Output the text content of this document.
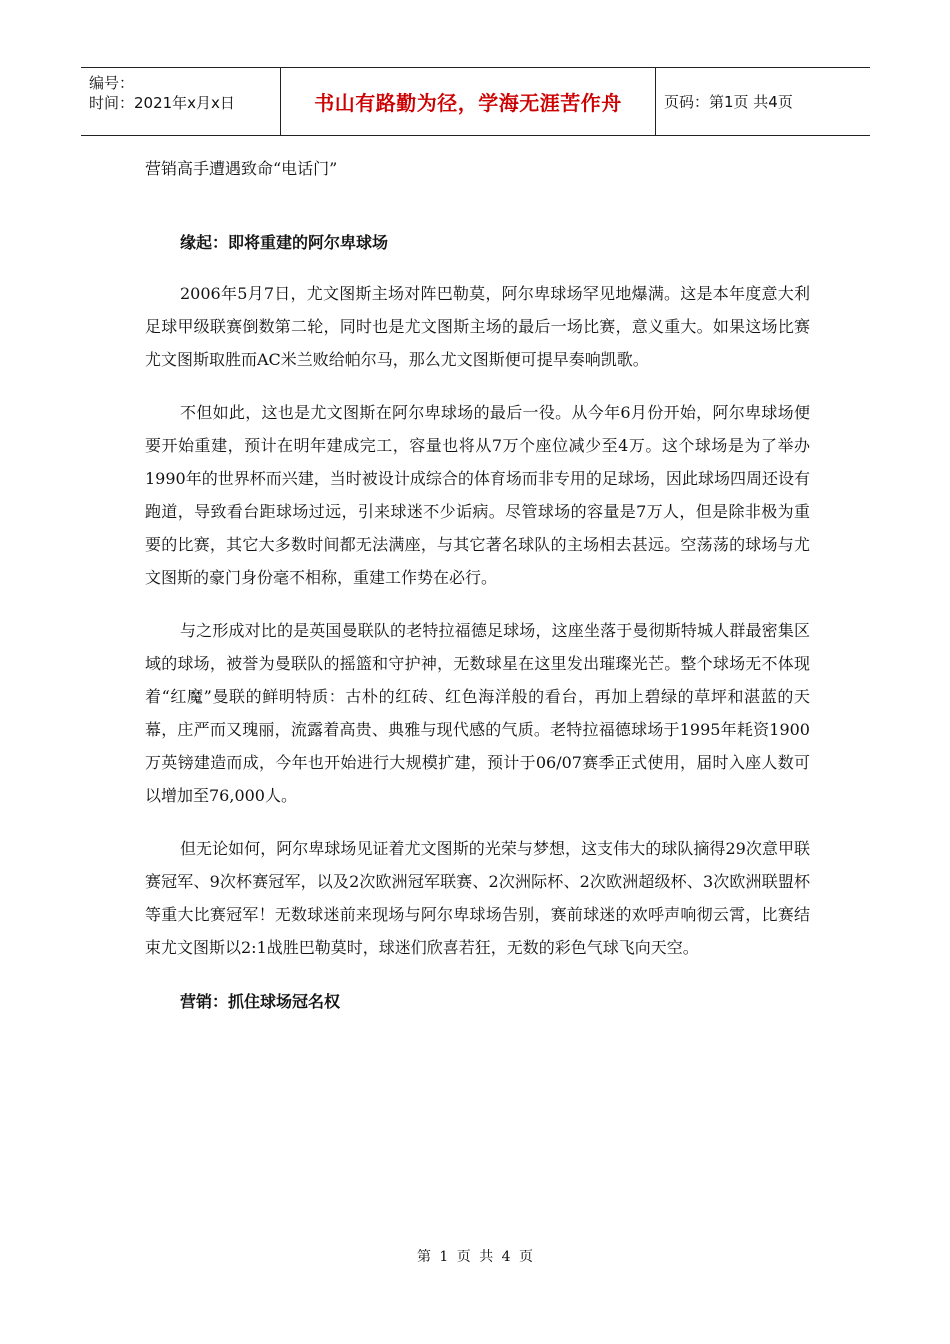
编号：
时间：2021年x月x日	书山有路勤为径，学海无涯苦作舟	页码：第1页 共4页

营销高手遭遇致命“电话门”

缘起：即将重建的阿尔卑球场

2006年5月7日，尤文图斯主场对阵巴勒莫，阿尔卑球场罕见地爆满。这是本年度意大利足球甲级联赛倒数第二轮，同时也是尤文图斯主场的最后一场比赛，意义重大。如果这场比赛尤文图斯取胜而AC米兰败给帕尔马，那么尤文图斯便可提早奏响凯歌。

不但如此，这也是尤文图斯在阿尔卑球场的最后一役。从今年6月份开始，阿尔卑球场便要开始重建，预计在明年建成完工，容量也将从7万个座位减少至4万。这个球场是为了举办1990年的世界杯而兴建，当时被设计成综合的体育场而非专用的足球场，因此球场四周还设有跑道，导致看台距球场过远，引来球迷不少诟病。尽管球场的容量是7万人，但是除非极为重要的比赛，其它大多数时间都无法满座，与其它著名球队的主场相去甚远。空荡荡的球场与尤文图斯的豪门身份毫不相称，重建工作势在必行。

与之形成对比的是英国曼联队的老特拉福德足球场，这座坐落于曼彻斯特城人群最密集区域的球场，被誉为曼联队的摇篮和守护神，无数球星在这里发出璀璨光芒。整个球场无不体现着“红魔”曼联的鲜明特质：古朴的红砖、红色海洋般的看台，再加上碧绿的草坪和湛蓝的天幕，庄严而又瑰丽，流露着高贵、典雅与现代感的气质。老特拉福德球场于1995年耗资1900万英镑建造而成，今年也开始进行大规模扩建，预计于06/07赛季正式使用，届时入座人数可以增加至76,000人。

但无论如何，阿尔卑球场见证着尤文图斯的光荣与梦想，这支伟大的球队摘得29次意甲联赛冠军、9次杯赛冠军，以及2次欧洲冠军联赛、2次洲际杯、2次欧洲超级杯、3次欧洲联盟杯等重大比赛冠军！无数球迷前来现场与阿尔卑球场告别，赛前球迷的欢呼声响彻云霄，比赛结束尤文图斯以2:1战胜巴勒莫时，球迷们欣喜若狂，无数的彩色气球飞向天空。

营销：抓住球场冠名权

第 1 页 共 4 页
